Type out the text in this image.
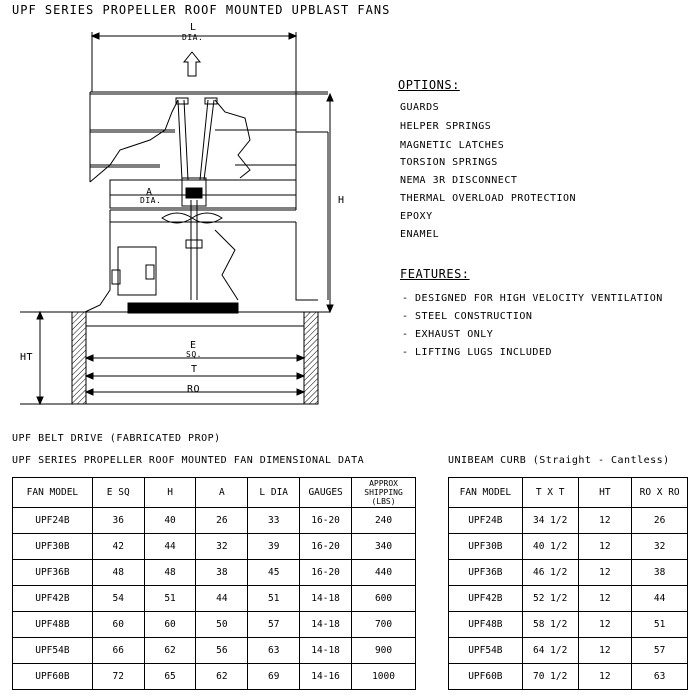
UPF SERIES PROPELLER ROOF MOUNTED UPBLAST FANS
L
DIA.
A
DIA.	H
E
SQ.
T
RO
HT
OPTIONS:
GUARDS
HELPER SPRINGS
MAGNETIC LATCHES
TORSION SPRINGS
NEMA 3R DISCONNECT
THERMAL OVERLOAD PROTECTION
EPOXY
ENAMEL
FEATURES:
- DESIGNED FOR HIGH VELOCITY VENTILATION
- STEEL CONSTRUCTION
- EXHAUST ONLY
- LIFTING LUGS INCLUDED
UPF BELT DRIVE (FABRICATED PROP)
UPF SERIES PROPELLER ROOF MOUNTED FAN DIMENSIONAL DATA	UNIBEAM CURB (Straight - Cantless)
FAN MODEL	E SQ	H	A	L DIA	GAUGES	APPROX SHIPPING (LBS)
UPF24B	36	40	26	33	16-20	240
UPF30B	42	44	32	39	16-20	340
UPF36B	48	48	38	45	16-20	440
UPF42B	54	51	44	51	14-18	600
UPF48B	60	60	50	57	14-18	700
UPF54B	66	62	56	63	14-18	900
UPF60B	72	65	62	69	14-16	1000
FAN MODEL	T X T	HT	RO X RO
UPF24B	34 1/2	12	26
UPF30B	40 1/2	12	32
UPF36B	46 1/2	12	38
UPF42B	52 1/2	12	44
UPF48B	58 1/2	12	51
UPF54B	64 1/2	12	57
UPF60B	70 1/2	12	63
